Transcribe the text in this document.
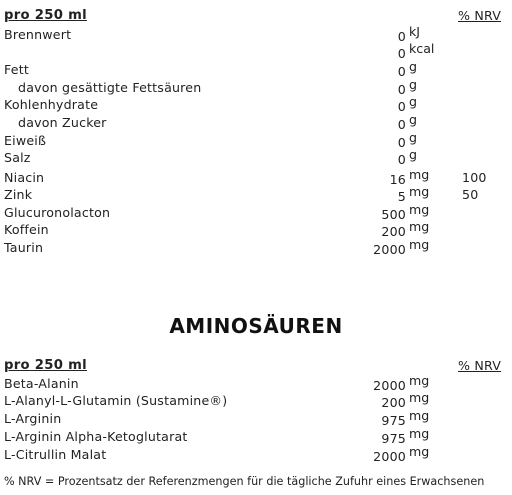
pro 250 ml	% NRV
Brennwert	0 kJ
0 kcal
Fett	0 g
davon gesättigte Fettsäuren	0 g
Kohlenhydrate	0 g
davon Zucker	0 g
Eiweiß	0 g
Salz	0 g
Niacin	16 mg	100
Zink	5 mg	50
Glucuronolacton	500 mg
Koffein	200 mg
Taurin	2000 mg
AMINOSÄUREN
pro 250 ml	% NRV
Beta-Alanin	2000 mg
L-Alanyl-L-Glutamin (Sustamine®)	200 mg
L-Arginin	975 mg
L-Arginin Alpha-Ketoglutarat	975 mg
L-Citrullin Malat	2000 mg
% NRV = Prozentsatz der Referenzmengen für die tägliche Zufuhr eines Erwachsenen
